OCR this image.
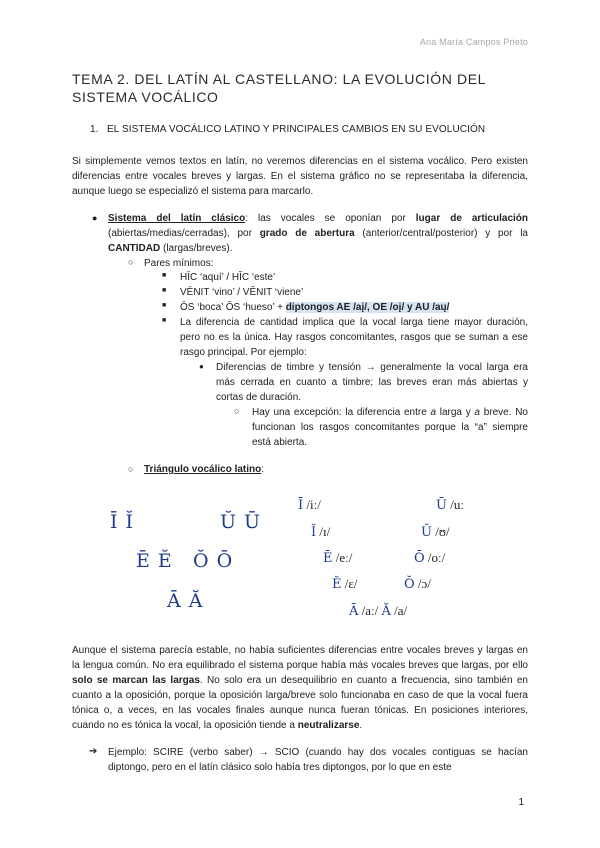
Ana María Campos Prieto
TEMA 2. DEL LATÍN AL CASTELLANO: LA EVOLUCIÓN DEL SISTEMA VOCÁLICO
1. EL SISTEMA VOCÁLICO LATINO Y PRINCIPALES CAMBIOS EN SU EVOLUCIÓN
Si simplemente vemos textos en latín, no veremos diferencias en el sistema vocálico. Pero existen diferencias entre vocales breves y largas. En el sistema gráfico no se representaba la diferencia, aunque luego se especializó el sistema para marcarlo.
● Sistema del latín clásico: las vocales se oponían por lugar de articulación (abiertas/medias/cerradas), por grado de abertura (anterior/central/posterior) y por la CANTIDAD (largas/breves).
○ Pares mínimos:
■ HĪC ‘aquí’ / HĬC ‘este’
■ VĒNIT ‘vino’ / VĔNIT ‘viene’
■ ŌS ‘boca’ ŎS ‘hueso’ + diptongos AE /aį/, OE /oį/ y AU /aų/
■ La diferencia de cantidad implica que la vocal larga tiene mayor duración, pero no es la única. Hay rasgos concomitantes, rasgos que se suman a ese rasgo principal. Por ejemplo:
● Diferencias de timbre y tensión → generalmente la vocal larga era más cerrada en cuanto a timbre; las breves eran más abiertas y cortas de duración.
○ Hay una excepción: la diferencia entre a larga y a breve. No funcionan los rasgos concomitantes porque la “a” siempre está abierta.
○ Triángulo vocálico latino:
Ī Ĭ	Ŭ Ū
Ē Ĕ Ŏ Ō
Ā Ă
Ī /iː/	Ū /uː
Ĭ /ɪ/	Ŭ /ʊ/
Ē /eː/	Ō /oː/
Ĕ /ɛ/	Ŏ /ɔ/
Ā /aː/ Ă /a/
Aunque el sistema parecía estable, no había suficientes diferencias entre vocales breves y largas en la lengua común. No era equilibrado el sistema porque había más vocales breves que largas, por ello solo se marcan las largas. No solo era un desequilibrio en cuanto a frecuencia, sino también en cuanto a la oposición, porque la oposición larga/breve solo funcionaba en caso de que la vocal fuera tónica o, a veces, en las vocales finales aunque nunca fueran tónicas. En posiciones interiores, cuando no es tónica la vocal, la oposición tiende a neutralizarse.
➔ Ejemplo: SCIRE (verbo saber) → SCIO (cuando hay dos vocales contiguas se hacían diptongo, pero en el latín clásico solo había tres diptongos, por lo que en este
1
